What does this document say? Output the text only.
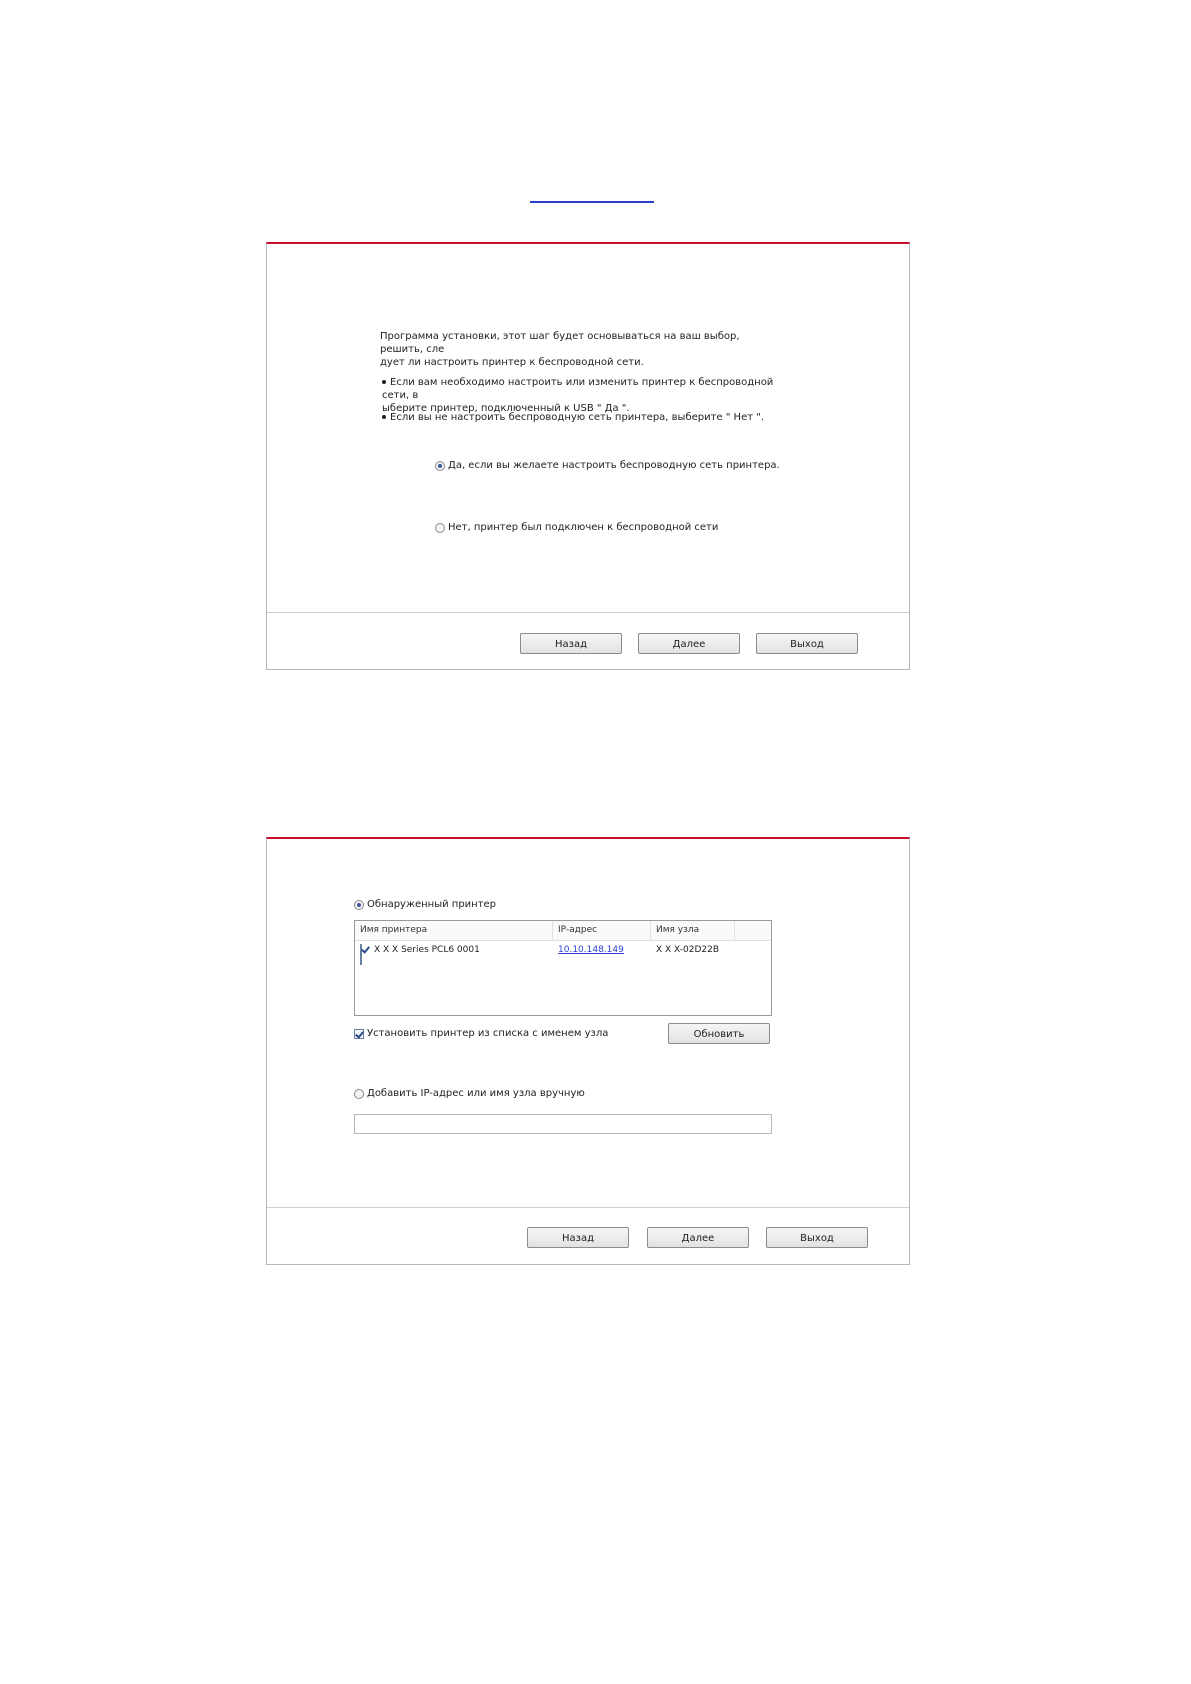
Программа установки, этот шаг будет основываться на ваш выбор, решить, сле
дует ли настроить принтер к беспроводной сети.
Если вам необходимо настроить или изменить принтер к беспроводной сети, в
ыберите принтер, подключенный к USB " Да ".
Если вы не настроить беспроводную сеть принтера, выберите " Нет ".
Да, если вы желаете настроить беспроводную сеть принтера.
Нет, принтер был подключен к беспроводной сети
Назад	Далее	Выход
Обнаруженный принтер
Имя принтера	IP-адрес	Имя узла
X X X Series PCL6 0001	10.10.148.149	X X X-02D22B
Установить принтер из списка с именем узла	Обновить
Добавить IP-адрес или имя узла вручную
Назад	Далее	Выход
